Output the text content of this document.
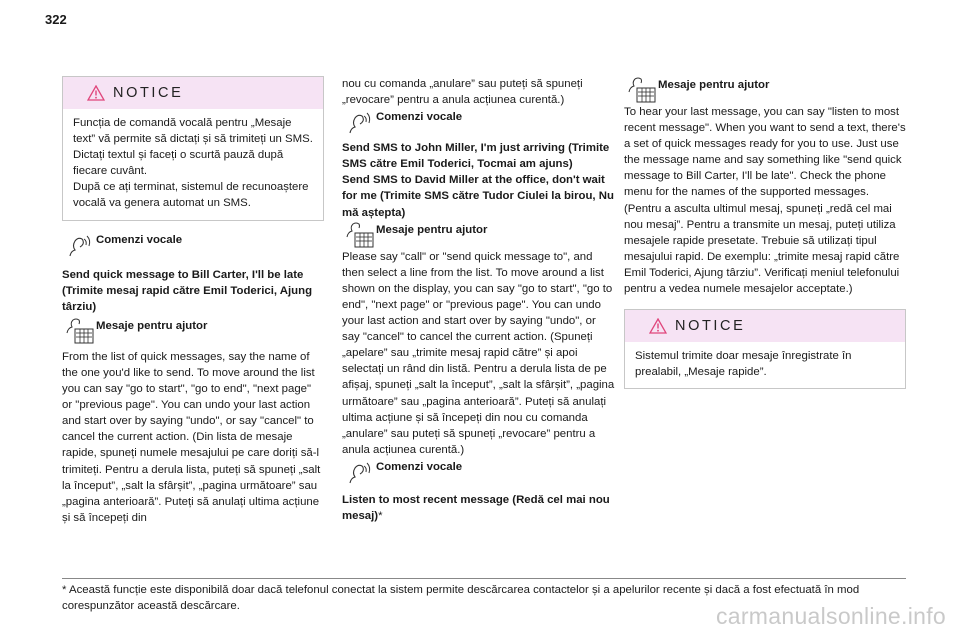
322
NOTICE
Funcția de comandă vocală pentru „Mesaje text” vă permite să dictați și să trimiteți un SMS.
Dictați textul și faceți o scurtă pauză după fiecare cuvânt.
După ce ați terminat, sistemul de recunoaștere vocală va genera automat un SMS.
Comenzi vocale

Send quick message to Bill Carter, I'll be late (Trimite mesaj rapid către Emil Toderici, Ajung târziu)

Mesaje pentru ajutor

From the list of quick messages, say the name of the one you'd like to send. To move around the list you can say "go to start", "go to end", "next page" or "previous page". You can undo your last action and start over by saying "undo", or say "cancel" to cancel the current action. (Din lista de mesaje rapide, spuneți numele mesajului pe care doriți să-l trimiteți. Pentru a derula lista, puteți să spuneți „salt la început”, „salt la sfârșit”, „pagina următoare” sau „pagina anterioară”. Puteți să anulați ultima acțiune și să începeți din

nou cu comanda „anulare” sau puteți să spuneți „revocare” pentru a anula acțiunea curentă.)

Comenzi vocale

Send SMS to John Miller, I'm just arriving (Trimite SMS către Emil Toderici, Tocmai am ajuns)
Send SMS to David Miller at the office, don't wait for me (Trimite SMS către Tudor Ciulei la birou, Nu mă aștepta)

Mesaje pentru ajutor

Please say "call" or "send quick message to", and then select a line from the list. To move around a list shown on the display, you can say "go to start", "go to end", "next page" or "previous page". You can undo your last action and start over by saying "undo", or say "cancel" to cancel the current action. (Spuneți „apelare” sau „trimite mesaj rapid către” și apoi selectați un rând din listă. Pentru a derula lista de pe afișaj, spuneți „salt la început”, „salt la sfârșit”, „pagina următoare” sau „pagina anterioară”. Puteți să anulați ultima acțiune și să începeți din nou cu comanda „anulare” sau puteți să spuneți „revocare” pentru a anula acțiunea curentă.)

Comenzi vocale

Listen to most recent message (Redă cel mai nou mesaj)*

Mesaje pentru ajutor

To hear your last message, you can say "listen to most recent message". When you want to send a text, there's a set of quick messages ready for you to use. Just use the message name and say something like "send quick message to Bill Carter, I'll be late". Check the phone menu for the names of the supported messages. (Pentru a asculta ultimul mesaj, spuneți „redă cel mai nou mesaj”. Pentru a transmite un mesaj, puteți utiliza mesajele rapide presetate. Trebuie să utilizați tipul mesajului rapid. De exemplu: „trimite mesaj rapid către Emil Toderici, Ajung târziu”. Verificați meniul telefonului pentru a vedea numele mesajelor acceptate.)

NOTICE
Sistemul trimite doar mesaje înregistrate în prealabil, „Mesaje rapide”.
* Această funcție este disponibilă doar dacă telefonul conectat la sistem permite descărcarea contactelor și a apelurilor recente și dacă a fost efectuată în mod corespunzător această descărcare.	carmanualsonline.info
